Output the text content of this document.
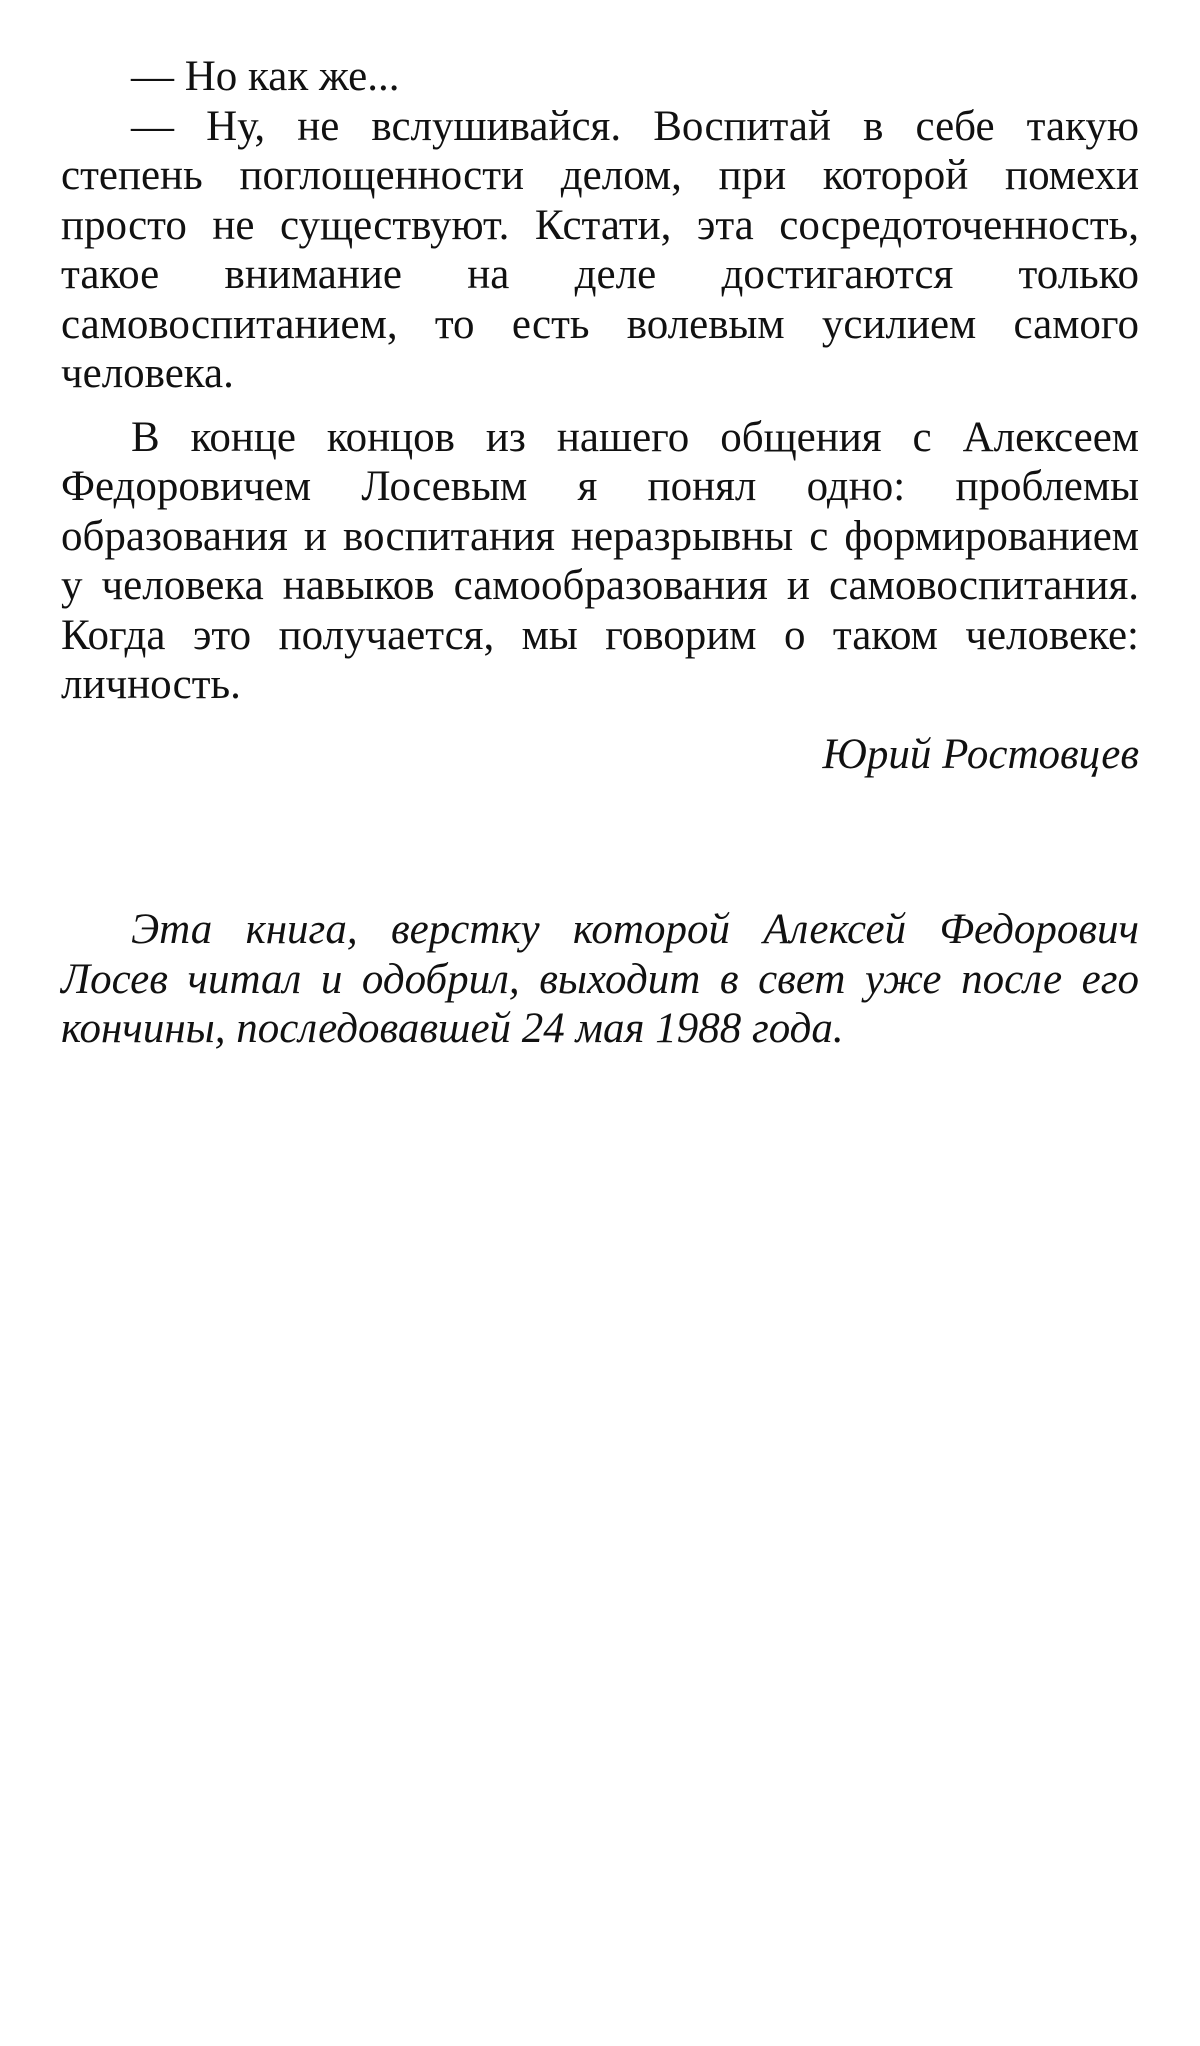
— Но как же...

— Ну, не вслушивайся. Воспитай в себе такую степень поглощенности делом, при которой помехи просто не существуют. Кстати, эта сосредоточенность, такое внимание на деле достигаются только самовоспитанием, то есть волевым усилием самого человека.

В конце концов из нашего общения с Алексеем Федоровичем Лосевым я понял одно: проблемы образования и воспитания неразрывны с формированием у человека навыков самообразования и самовоспитания. Когда это получается, мы говорим о таком человеке: личность.

Юрий Ростовцев

Эта книга, верстку которой Алексей Федорович Лосев читал и одобрил, выходит в свет уже после его кончины, последовавшей 24 мая 1988 года.
